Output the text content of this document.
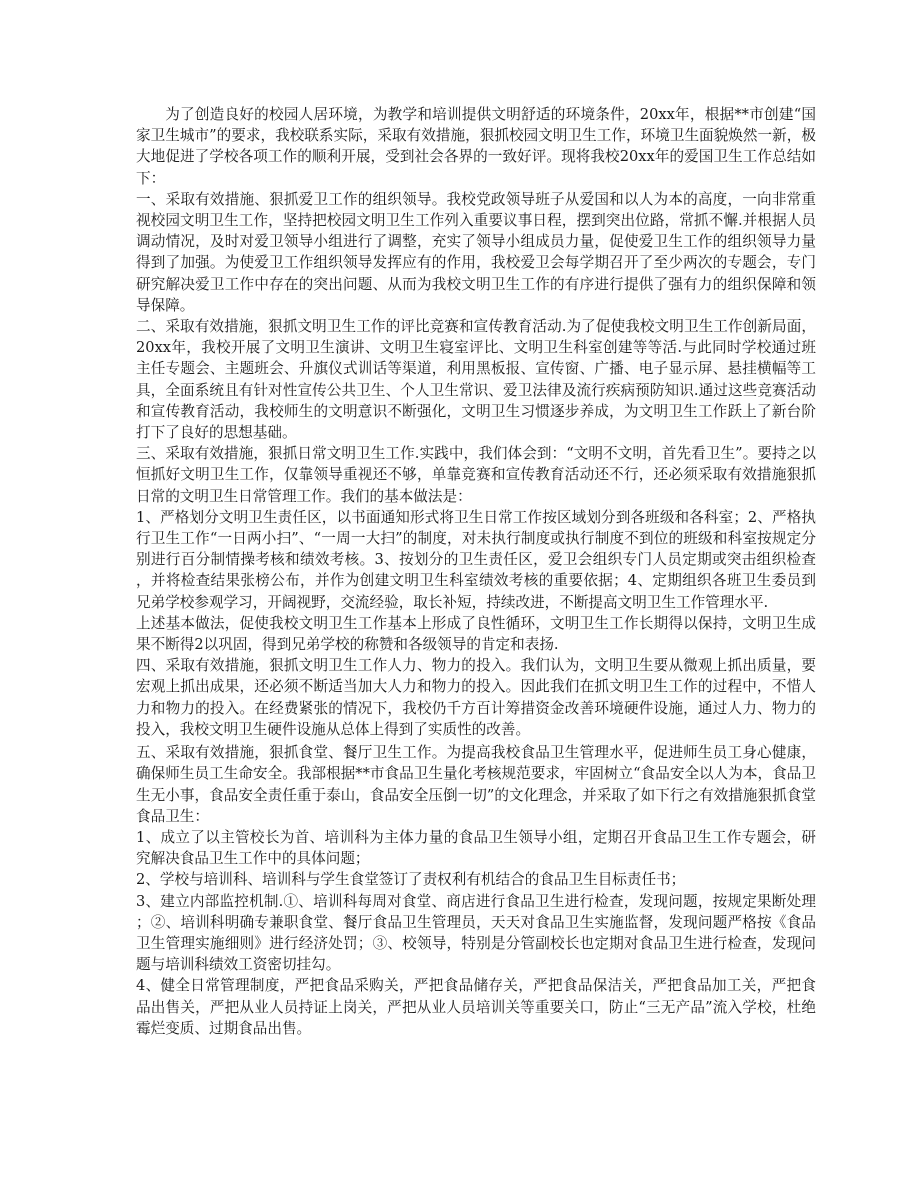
为了创造良好的校园人居环境，为教学和培训提供文明舒适的环境条件，20xx年，根据**市创建“国家卫生城市”的要求，我校联系实际，采取有效措施，狠抓校园文明卫生工作，环境卫生面貌焕然一新，极大地促进了学校各项工作的顺利开展，受到社会各界的一致好评。现将我校20xx年的爱国卫生工作总结如下：

一、采取有效措施、狠抓爱卫工作的组织领导。我校党政领导班子从爱国和以人为本的高度，一向非常重视校园文明卫生工作，坚持把校园文明卫生工作列入重要议事日程，摆到突出位路，常抓不懈.并根据人员调动情况，及时对爱卫领导小组进行了调整，充实了领导小组成员力量，促使爱卫生工作的组织领导力量得到了加强。为使爱卫工作组织领导发挥应有的作用，我校爱卫会每学期召开了至少两次的专题会，专门研究解决爱卫工作中存在的突出问题、从而为我校文明卫生工作的有序进行提供了强有力的组织保障和领导保障。

二、采取有效措施，狠抓文明卫生工作的评比竞赛和宣传教育活动.为了促使我校文明卫生工作创新局面，20xx年，我校开展了文明卫生演讲、文明卫生寝室评比、文明卫生科室创建等等活.与此同时学校通过班主任专题会、主题班会、升旗仪式训话等渠道，利用黑板报、宣传窗、广播、电子显示屏、悬挂横幅等工具，全面系统且有针对性宣传公共卫生、个人卫生常识、爱卫法律及流行疾病预防知识.通过这些竞赛活动和宣传教育活动，我校师生的文明意识不断强化，文明卫生习惯逐步养成，为文明卫生工作跃上了新台阶打下了良好的思想基础。

三、采取有效措施，狠抓日常文明卫生工作.实践中，我们体会到：“文明不文明，首先看卫生”。要持之以恒抓好文明卫生工作，仅靠领导重视还不够，单靠竞赛和宣传教育活动还不行，还必须采取有效措施狠抓日常的文明卫生日常管理工作。我们的基本做法是：

1、严格划分文明卫生责任区，以书面通知形式将卫生日常工作按区域划分到各班级和各科室；2、严格执行卫生工作“一日两小扫”、“一周一大扫”的制度，对未执行制度或执行制度不到位的班级和科室按规定分别进行百分制情操考核和绩效考核。3、按划分的卫生责任区，爱卫会组织专门人员定期或突击组织检查，并将检查结果张榜公布，并作为创建文明卫生科室绩效考核的重要依据；4、定期组织各班卫生委员到兄弟学校参观学习，开阔视野，交流经验，取长补短，持续改进，不断提高文明卫生工作管理水平.

上述基本做法，促使我校文明卫生工作基本上形成了良性循环，文明卫生工作长期得以保持，文明卫生成果不断得2以巩固，得到兄弟学校的称赞和各级领导的肯定和表扬.

四、采取有效措施，狠抓文明卫生工作人力、物力的投入。我们认为，文明卫生要从微观上抓出质量，要宏观上抓出成果，还必须不断适当加大人力和物力的投入。因此我们在抓文明卫生工作的过程中，不惜人力和物力的投入。在经费紧张的情况下，我校仍千方百计筹措资金改善环境硬件设施，通过人力、物力的投入，我校文明卫生硬件设施从总体上得到了实质性的改善。

五、采取有效措施，狠抓食堂、餐厅卫生工作。为提高我校食品卫生管理水平，促进师生员工身心健康，确保师生员工生命安全。我部根据**市食品卫生量化考核规范要求，牢固树立“食品安全以人为本，食品卫生无小事，食品安全责任重于泰山，食品安全压倒一切”的文化理念，并采取了如下行之有效措施狠抓食堂食品卫生：

1、成立了以主管校长为首、培训科为主体力量的食品卫生领导小组，定期召开食品卫生工作专题会，研究解决食品卫生工作中的具体问题；

2、学校与培训科、培训科与学生食堂签订了责权利有机结合的食品卫生目标责任书；

3、建立内部监控机制.①、培训科每周对食堂、商店进行食品卫生进行检查，发现问题，按规定果断处理；②、培训科明确专兼职食堂、餐厅食品卫生管理员，天天对食品卫生实施监督，发现问题严格按《食品卫生管理实施细则》进行经济处罚；③、校领导，特别是分管副校长也定期对食品卫生进行检查，发现问题与培训科绩效工资密切挂勾。

4、健全日常管理制度，严把食品采购关，严把食品储存关，严把食品保洁关，严把食品加工关，严把食品出售关，严把从业人员持证上岗关，严把从业人员培训关等重要关口，防止“三无产品”流入学校，杜绝霉烂变质、过期食品出售。
